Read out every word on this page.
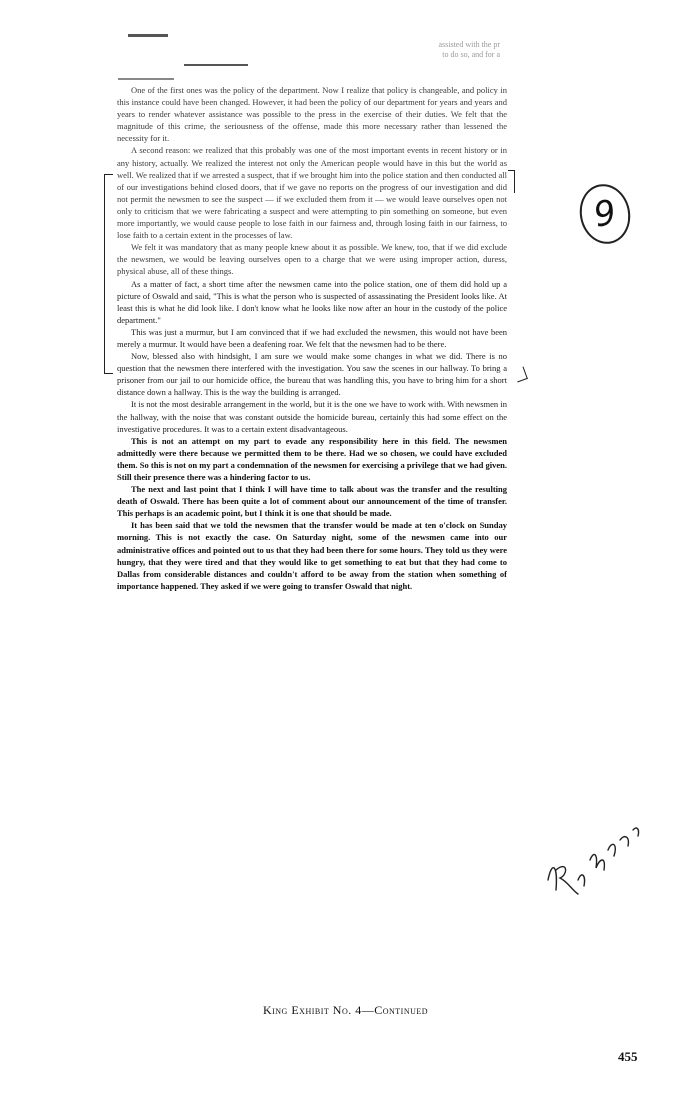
assisted with the pr
to do so, and for a

One of the first ones was the policy of the department. Now I realize that policy is changeable, and policy in this instance could have been changed. However, it had been the policy of our department for years and years and years to render whatever assistance was possible to the press in the exercise of their duties. We felt that the magnitude of this crime, the seriousness of the offense, made this more necessary rather than lessened the necessity for it.

A second reason: we realized that this probably was one of the most important events in recent history or in any history, actually. We realized the interest not only the American people would have in this but the world as well. We realized that if we arrested a suspect, that if we brought him into the police station and then conducted all of our investigations behind closed doors, that if we gave no reports on the progress of our investigation and did not permit the newsmen to see the suspect — if we excluded them from it — we would leave ourselves open not only to criticism that we were fabricating a suspect and were attempting to pin something on someone, but even more importantly, we would cause people to lose faith in our fairness and, through losing faith in our fairness, to lose faith to a certain extent in the processes of law.

We felt it was mandatory that as many people knew about it as possible. We knew, too, that if we did exclude the newsmen, we would be leaving ourselves open to a charge that we were using improper action, duress, physical abuse, all of these things.

As a matter of fact, a short time after the newsmen came into the police station, one of them did hold up a picture of Oswald and said, "This is what the person who is suspected of assassinating the President looks like. At least this is what he did look like. I don't know what he looks like now after an hour in the custody of the police department."

This was just a murmur, but I am convinced that if we had excluded the newsmen, this would not have been merely a murmur. It would have been a deafening roar. We felt that the newsmen had to be there.

Now, blessed also with hindsight, I am sure we would make some changes in what we did. There is no question that the newsmen there interfered with the investigation. You saw the scenes in our hallway. To bring a prisoner from our jail to our homicide office, the bureau that was handling this, you have to bring him for a short distance down a hallway. This is the way the building is arranged.

It is not the most desirable arrangement in the world, but it is the one we have to work with. With newsmen in the hallway, with the noise that was constant outside the homicide bureau, certainly this had some effect on the investigative procedures. It was to a certain extent disadvantageous.

This is not an attempt on my part to evade any responsibility here in this field. The newsmen admittedly were there because we permitted them to be there. Had we so chosen, we could have excluded them. So this is not on my part a condemnation of the newsmen for exercising a privilege that we had given. Still their presence there was a hindering factor to us.

The next and last point that I think I will have time to talk about was the transfer and the resulting death of Oswald. There has been quite a lot of comment about our announcement of the time of transfer. This perhaps is an academic point, but I think it is one that should be made.

It has been said that we told the newsmen that the transfer would be made at ten o'clock on Sunday morning. This is not exactly the case. On Saturday night, some of the newsmen came into our administrative offices and pointed out to us that they had been there for some hours. They told us they were hungry, that they were tired and that they would like to get something to eat but that they had come to Dallas from considerable distances and couldn't afford to be away from the station when something of importance happened. They asked if we were going to transfer Oswald that night.

9
King Exhibit No. 4—Continued
455
